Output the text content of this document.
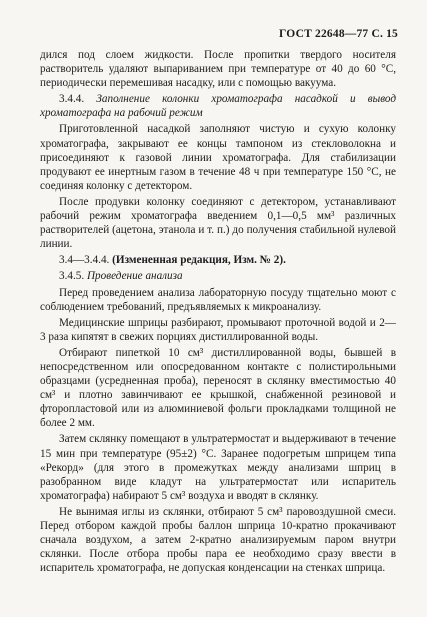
ГОСТ 22648—77 С. 15

дился под слоем жидкости. После пропитки твердого носителя растворитель удаляют выпариванием при температуре от 40 до 60 °С, периодически перемешивая насадку, или с помощью вакуума.

3.4.4. Заполнение колонки хроматографа насадкой и вывод хроматографа на рабочий режим

Приготовленной насадкой заполняют чистую и сухую колонку хроматографа, закрывают ее концы тампоном из стекловолокна и присоединяют к газовой линии хроматографа. Для стабилизации продувают ее инертным газом в течение 48 ч при температуре 150 °С, не соединяя колонку с детектором.

После продувки колонку соединяют с детектором, устанавливают рабочий режим хроматографа введением 0,1—0,5 мм³ различных растворителей (ацетона, этанола и т. п.) до получения стабильной нулевой линии.

3.4—3.4.4. (Измененная редакция, Изм. № 2).

3.4.5. Проведение анализа

Перед проведением анализа лабораторную посуду тщательно моют с соблюдением требований, предъявляемых к микроанализу.

Медицинские шприцы разбирают, промывают проточной водой и 2—3 раза кипятят в свежих порциях дистиллированной воды.

Отбирают пипеткой 10 см³ дистиллированной воды, бывшей в непосредственном или опосредованном контакте с полистирольными образцами (усредненная проба), переносят в склянку вместимостью 40 см³ и плотно завинчивают ее крышкой, снабженной резиновой и фторопластовой или из алюминиевой фольги прокладками толщиной не более 2 мм.

Затем склянку помещают в ультратермостат и выдерживают в течение 15 мин при температуре (95±2) °С. Заранее подогретым шприцем типа «Рекорд» (для этого в промежутках между анализами шприц в разобранном виде кладут на ультратермостат или испаритель хроматографа) набирают 5 см³ воздуха и вводят в склянку.

Не вынимая иглы из склянки, отбирают 5 см³ паровоздушной смеси. Перед отбором каждой пробы баллон шприца 10-кратно прокачивают сначала воздухом, а затем 2-кратно анализируемым паром внутри склянки. После отбора пробы пара ее необходимо сразу ввести в испаритель хроматографа, не допуская конденсации на стенках шприца.
